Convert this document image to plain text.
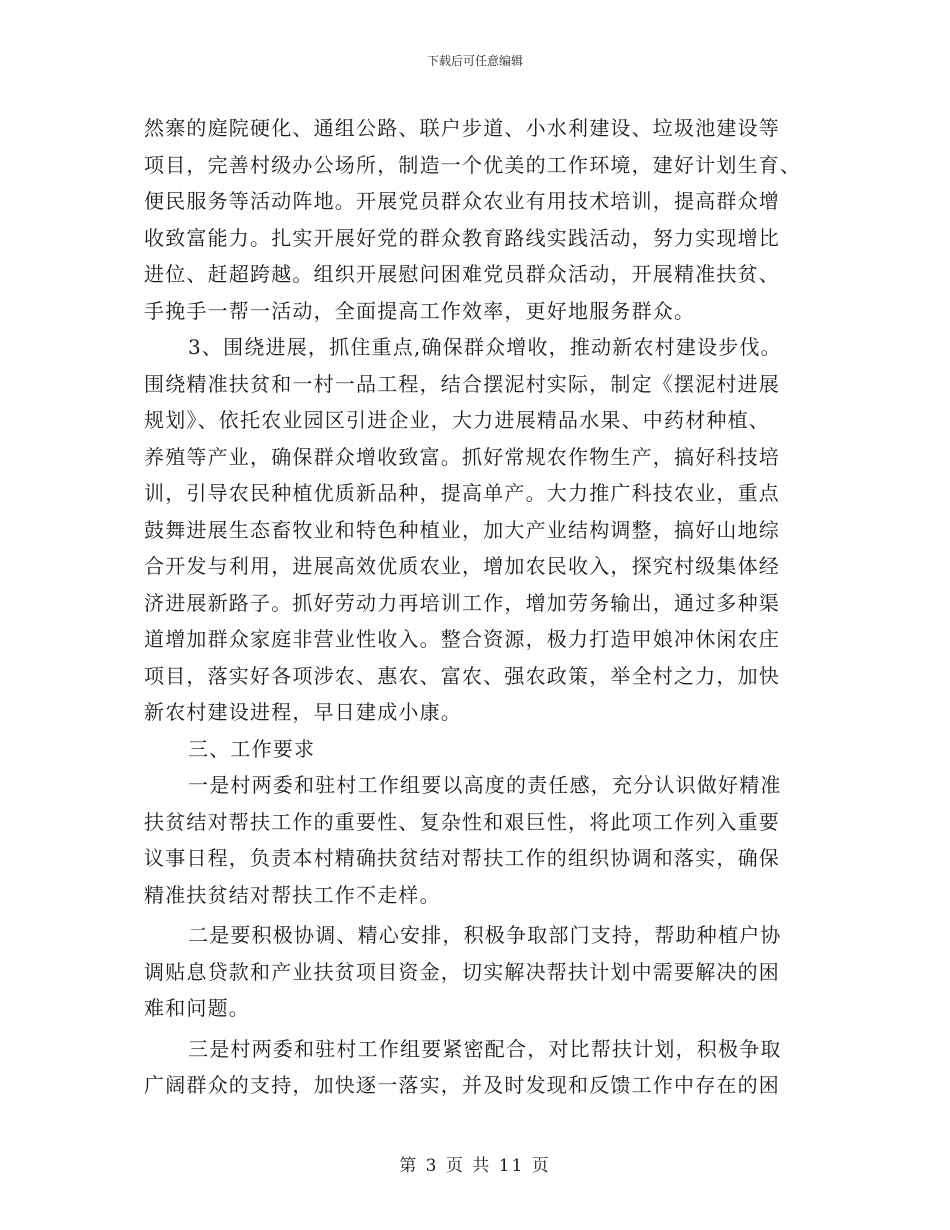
下载后可任意编辑
然寨的庭院硬化、通组公路、联户步道、小水利建设、垃圾池建设等
项目，完善村级办公场所，制造一个优美的工作环境，建好计划生育、
便民服务等活动阵地。开展党员群众农业有用技术培训，提高群众增
收致富能力。扎实开展好党的群众教育路线实践活动，努力实现增比
进位、赶超跨越。组织开展慰问困难党员群众活动，开展精准扶贫、
手挽手一帮一活动，全面提高工作效率，更好地服务群众。
3、围绕进展，抓住重点,确保群众增收，推动新农村建设步伐。
围绕精准扶贫和一村一品工程，结合摆泥村实际，制定《摆泥村进展
规划》、依托农业园区引进企业，大力进展精品水果、中药材种植、
养殖等产业，确保群众增收致富。抓好常规农作物生产，搞好科技培
训，引导农民种植优质新品种，提高单产。大力推广科技农业，重点
鼓舞进展生态畜牧业和特色种植业，加大产业结构调整，搞好山地综
合开发与利用，进展高效优质农业，增加农民收入，探究村级集体经
济进展新路子。抓好劳动力再培训工作，增加劳务输出，通过多种渠
道增加群众家庭非营业性收入。整合资源，极力打造甲娘冲休闲农庄
项目，落实好各项涉农、惠农、富农、强农政策，举全村之力，加快
新农村建设进程，早日建成小康。
三、工作要求
一是村两委和驻村工作组要以高度的责任感，充分认识做好精准
扶贫结对帮扶工作的重要性、复杂性和艰巨性，将此项工作列入重要
议事日程，负责本村精确扶贫结对帮扶工作的组织协调和落实，确保
精准扶贫结对帮扶工作不走样。
二是要积极协调、精心安排，积极争取部门支持，帮助种植户协
调贴息贷款和产业扶贫项目资金，切实解决帮扶计划中需要解决的困
难和问题。
三是村两委和驻村工作组要紧密配合，对比帮扶计划，积极争取
广阔群众的支持，加快逐一落实，并及时发现和反馈工作中存在的困
第 3 页 共 11 页
